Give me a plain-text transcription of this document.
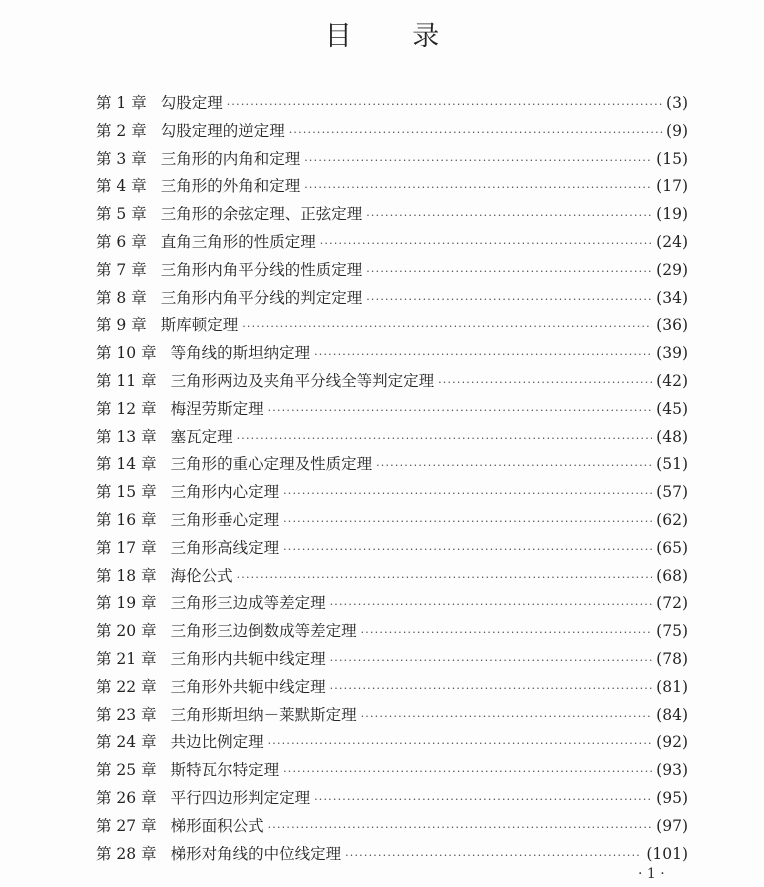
目 录
第 1 章 勾股定理 ·····	(3)
第 2 章 勾股定理的逆定理 ·····	(9)
第 3 章 三角形的内角和定理 ·····	(15)
第 4 章 三角形的外角和定理 ·····	(17)
第 5 章 三角形的余弦定理、正弦定理 ·····	(19)
第 6 章 直角三角形的性质定理 ·····	(24)
第 7 章 三角形内角平分线的性质定理 ·····	(29)
第 8 章 三角形内角平分线的判定定理 ·····	(34)
第 9 章 斯库顿定理 ·····	(36)
第 10 章 等角线的斯坦纳定理 ·····	(39)
第 11 章 三角形两边及夹角平分线全等判定定理 ·····	(42)
第 12 章 梅涅劳斯定理 ·····	(45)
第 13 章 塞瓦定理 ·····	(48)
第 14 章 三角形的重心定理及性质定理 ·····	(51)
第 15 章 三角形内心定理 ·····	(57)
第 16 章 三角形垂心定理 ·····	(62)
第 17 章 三角形高线定理 ·····	(65)
第 18 章 海伦公式 ·····	(68)
第 19 章 三角形三边成等差定理 ·····	(72)
第 20 章 三角形三边倒数成等差定理 ·····	(75)
第 21 章 三角形内共轭中线定理 ·····	(78)
第 22 章 三角形外共轭中线定理 ·····	(81)
第 23 章 三角形斯坦纳－莱默斯定理 ·····	(84)
第 24 章 共边比例定理 ·····	(92)
第 25 章 斯特瓦尔特定理 ·····	(93)
第 26 章 平行四边形判定定理 ·····	(95)
第 27 章 梯形面积公式 ·····	(97)
第 28 章 梯形对角线的中位线定理 ·····	(101)
· 1 ·
